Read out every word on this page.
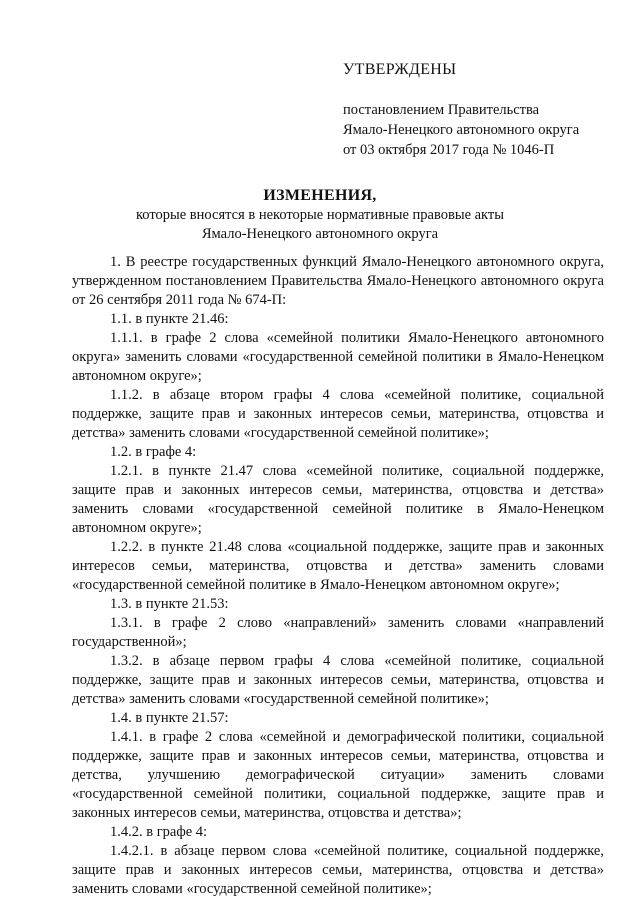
УТВЕРЖДЕНЫ
постановлением Правительства
Ямало-Ненецкого автономного округа
от 03 октября 2017 года № 1046-П
ИЗМЕНЕНИЯ,
которые вносятся в некоторые нормативные правовые акты
Ямало-Ненецкого автономного округа

1. В реестре государственных функций Ямало-Ненецкого автономного округа, утвержденном постановлением Правительства Ямало-Ненецкого автономного округа от 26 сентября 2011 года № 674-П:

1.1. в пункте 21.46:

1.1.1. в графе 2 слова «семейной политики Ямало-Ненецкого автономного округа» заменить словами «государственной семейной политики в Ямало-Ненецком автономном округе»;

1.1.2. в абзаце втором графы 4 слова «семейной политике, социальной поддержке, защите прав и законных интересов семьи, материнства, отцовства и детства» заменить словами «государственной семейной политике»;

1.2. в графе 4:

1.2.1. в пункте 21.47 слова «семейной политике, социальной поддержке, защите прав и законных интересов семьи, материнства, отцовства и детства» заменить словами «государственной семейной политике в Ямало-Ненецком автономном округе»;

1.2.2. в пункте 21.48 слова «социальной поддержке, защите прав и законных интересов семьи, материнства, отцовства и детства» заменить словами «государственной семейной политике в Ямало-Ненецком автономном округе»;

1.3. в пункте 21.53:

1.3.1. в графе 2 слово «направлений» заменить словами «направлений государственной»;

1.3.2. в абзаце первом графы 4 слова «семейной политике, социальной поддержке, защите прав и законных интересов семьи, материнства, отцовства и детства» заменить словами «государственной семейной политике»;

1.4. в пункте 21.57:

1.4.1. в графе 2 слова «семейной и демографической политики, социальной поддержке, защите прав и законных интересов семьи, материнства, отцовства и детства, улучшению демографической ситуации» заменить словами «государственной семейной политики, социальной поддержке, защите прав и законных интересов семьи, материнства, отцовства и детства»;

1.4.2. в графе 4:

1.4.2.1. в абзаце первом слова «семейной политике, социальной поддержке, защите прав и законных интересов семьи, материнства, отцовства и детства» заменить словами «государственной семейной политике»;
